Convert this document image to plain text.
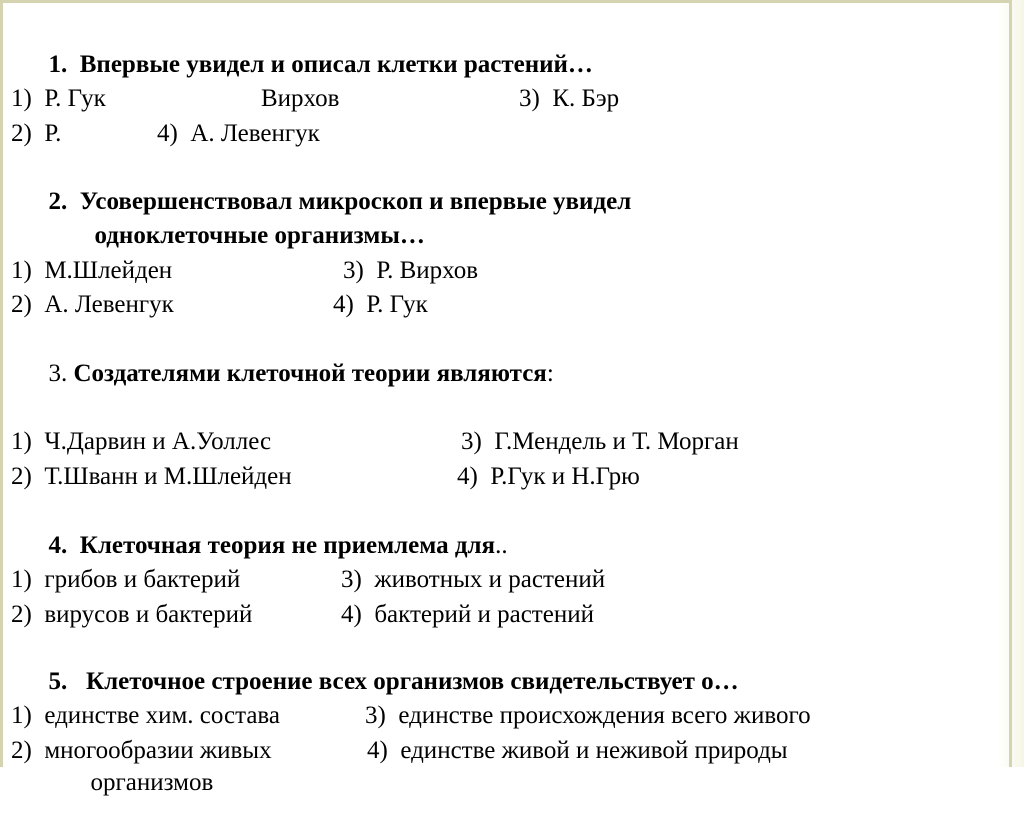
1. Впервые увидел и описал клетки растений…

1)  Р. Гук	Вирхов	3)  К. Бэр

2)  Р.	4)  А. Левенгук

2. Усовершенствовал микроскоп и впервые увидел

одноклеточные организмы…

1)  М.Шлейден	3)  Р. Вирхов

2)  А. Левенгук	4)  Р. Гук

3. Создателями клеточной теории являются:

1)  Ч.Дарвин и А.Уоллес	3)  Г.Мендель и Т. Морган

2)  Т.Шванн и М.Шлейден	4)  Р.Гук и Н.Грю

4. Клеточная теория не приемлема для..

1)  грибов и бактерий	3)  животных и растений

2)  вирусов и бактерий	4)  бактерий и растений

5. Клеточное строение всех организмов свидетельствует о…

1)  единстве хим. состава	3)  единстве происхождения всего живого

2)  многообразии живых	4)  единстве живой и неживой природы

организмов
